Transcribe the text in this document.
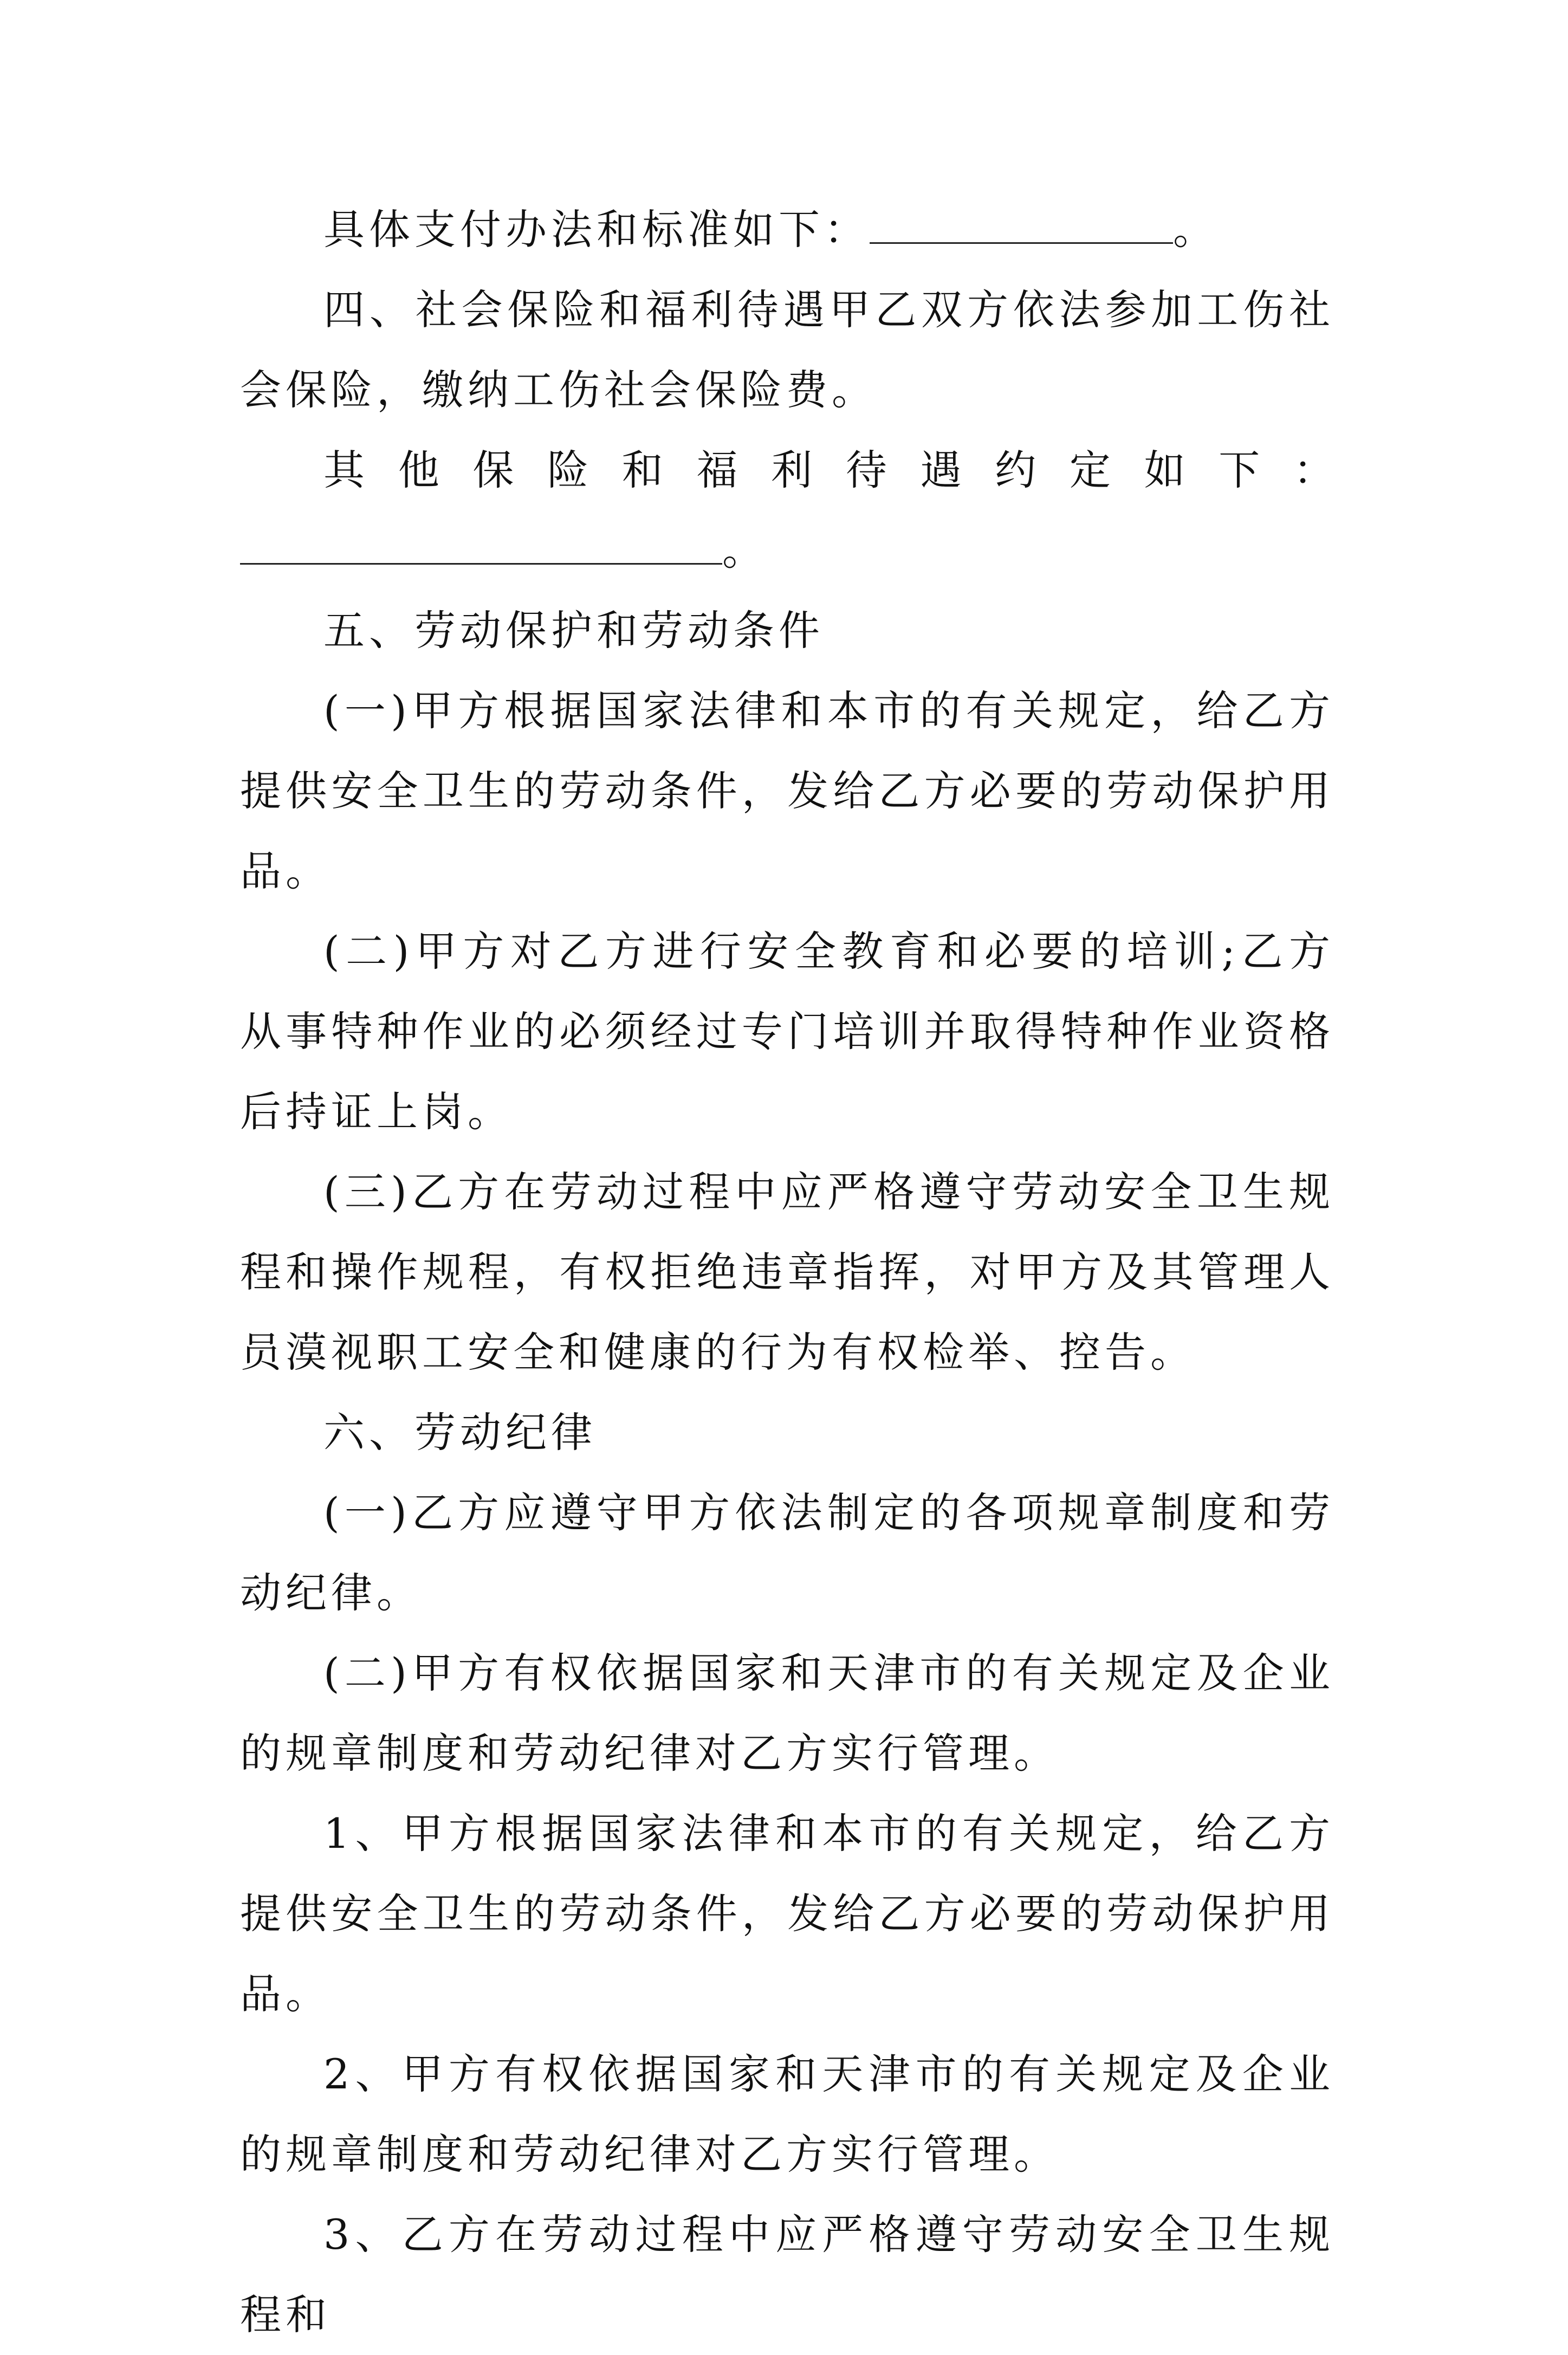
具体支付办法和标准如下：	。

四、社会保险和福利待遇甲乙双方依法参加工伤社会保险，缴纳工伤社会保险费。

其 他 保 险 和 福 利 待 遇 约 定 如 下 ：

。

五、劳动保护和劳动条件

(一)甲方根据国家法律和本市的有关规定，给乙方提供安全卫生的劳动条件，发给乙方必要的劳动保护用品。

(二)甲方对乙方进行安全教育和必要的培训;乙方从事特种作业的必须经过专门培训并取得特种作业资格后持证上岗。

(三)乙方在劳动过程中应严格遵守劳动安全卫生规程和操作规程，有权拒绝违章指挥，对甲方及其管理人员漠视职工安全和健康的行为有权检举、控告。

六、劳动纪律

(一)乙方应遵守甲方依法制定的各项规章制度和劳动纪律。

(二)甲方有权依据国家和天津市的有关规定及企业的规章制度和劳动纪律对乙方实行管理。

1、甲方根据国家法律和本市的有关规定，给乙方提供安全卫生的劳动条件，发给乙方必要的劳动保护用品。

2、甲方有权依据国家和天津市的有关规定及企业的规章制度和劳动纪律对乙方实行管理。

3、乙方在劳动过程中应严格遵守劳动安全卫生规程和
